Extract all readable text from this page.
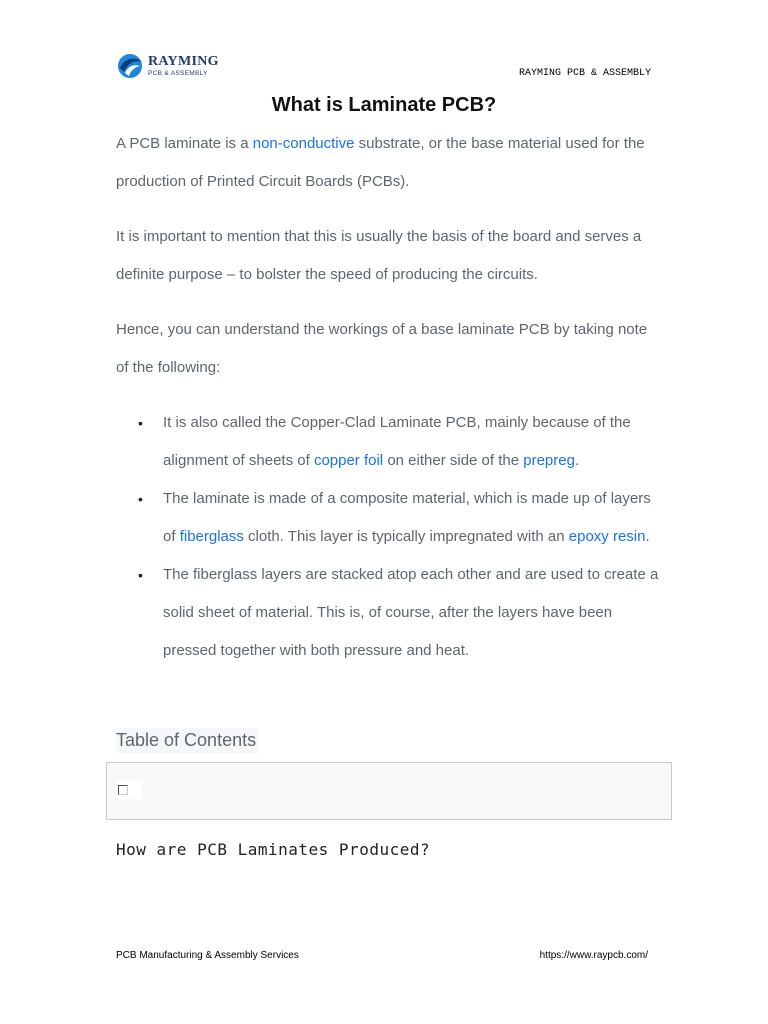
RAYMING
PCB & ASSEMBLY	RAYMING PCB & ASSEMBLY
What is Laminate PCB?

A PCB laminate is a non-conductive substrate, or the base material used for the production of Printed Circuit Boards (PCBs).

It is important to mention that this is usually the basis of the board and serves a definite purpose – to bolster the speed of producing the circuits.

Hence, you can understand the workings of a base laminate PCB by taking note of the following:

• It is also called the Copper-Clad Laminate PCB, mainly because of the alignment of sheets of copper foil on either side of the prepreg.
• The laminate is made of a composite material, which is made up of layers of fiberglass cloth. This layer is typically impregnated with an epoxy resin.
• The fiberglass layers are stacked atop each other and are used to create a solid sheet of material. This is, of course, after the layers have been pressed together with both pressure and heat.
Table of Contents
How are PCB Laminates Produced?
PCB Manufacturing & Assembly Services	https://www.raypcb.com/
